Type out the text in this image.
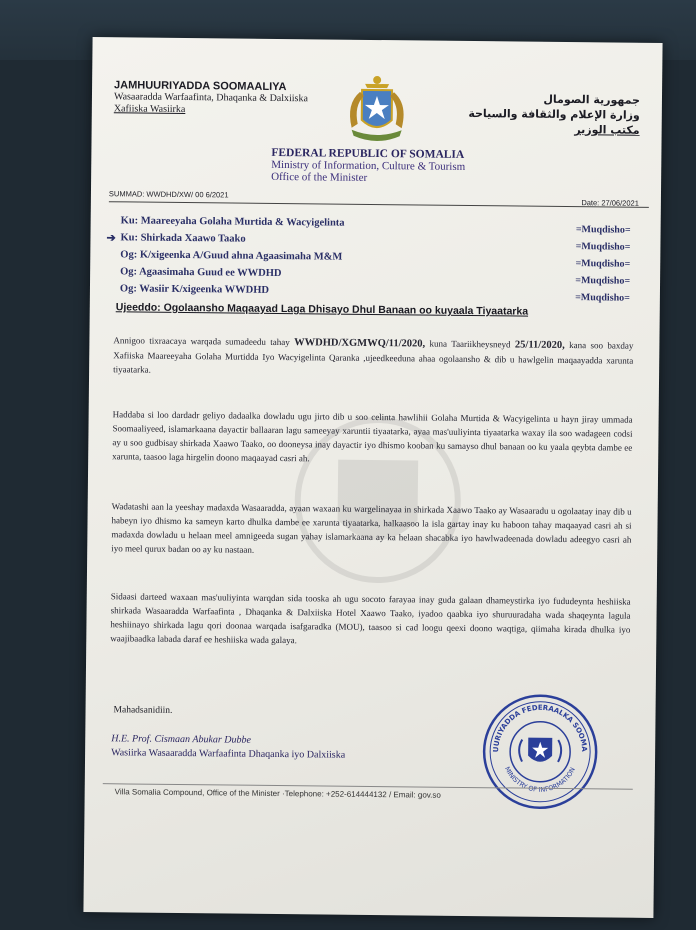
JAMHUURIYADDA SOOMAALIYA
Wasaaradda Warfaafinta, Dhaqanka & Dalxiiska
Xafiiska Wasiirka
جمهورية الصومال
وزارة الإعلام والثقافة والسياحة
مكتب الوزير
FEDERAL REPUBLIC OF SOMALIA
Ministry of Information, Culture & Tourism
Office of the Minister
SUMMAD: WWDHD/XW/ 00 6/2021
Date: 27/06/2021
Ku: Maareeyaha Golaha Murtida & Wacyigelinta
=Muqdisho=
➔ Ku: Shirkada Xaawo Taako
=Muqdisho=
Og: K/xigeenka A/Guud ahna Agaasimaha M&M
=Muqdisho=
Og: Agaasimaha Guud ee WWDHD
=Muqdisho=
Og: Wasiir K/xigeenka WWDHD
=Muqdisho=
Ujeeddo: Ogolaansho Maqaayad Laga Dhisayo Dhul Banaan oo kuyaala Tiyaatarka
Annigoo tixraacaya warqada sumadeedu tahay WWDHD/XGMWQ/11/2020, kuna Taariikheysneyd 25/11/2020, kana soo baxday Xafiiska Maareeyaha Golaha Murtidda Iyo Wacyigelinta Qaranka ,ujeedkeeduna ahaa ogolaansho & dib u hawlgelin maqaayadda xarunta tiyaatarka.
Haddaba si loo dardadr geliyo dadaalka dowladu ugu jirto dib u soo celinta hawlihii Golaha Murtida & Wacyigelinta u hayn jiray ummada Soomaaliyeed, islamarkaana dayactir ballaaran lagu sameeyay xaruntii tiyaatarka, ayaa mas'uuliyinta tiyaatarka waxay ila soo wadageen codsi ay u soo gudbisay shirkada Xaawo Taako, oo dooneysa inay dayactir iyo dhismo kooban ku samayso dhul banaan oo ku yaala qeybta dambe ee xarunta, taasoo laga hirgelin doono maqaayad casri ah.
Wadatashi aan la yeeshay madaxda Wasaaradda, ayaan waxaan ku wargelinayaa in shirkada Xaawo Taako ay Wasaaradu u ogolaatay inay dib u habeyn iyo dhismo ka sameyn karto dhulka dambe ee xarunta tiyaatarka, halkaasoo la isla gartay inay ku haboon tahay maqaayad casri ah si madaxda dowladu u helaan meel amnigeeda sugan yahay islamarkaana ay ka helaan shacabka iyo hawlwadeenada dowladu adeegyo casri ah iyo meel qurux badan oo ay ku nastaan.
Sidaasi darteed waxaan mas'uuliyinta warqdan sida tooska ah ugu socoto farayaa inay guda galaan dhameystirka iyo fududeynta heshiiska shirkada Wasaaradda Warfaafinta , Dhaqanka & Dalxiiska Hotel Xaawo Taako, iyadoo qaabka iyo shuruuradaha wada shaqeynta lagula heshiinayo shirkada lagu qori doonaa warqada isafgaradka (MOU), taasoo si cad loogu qeexi doono waqtiga, qiimaha kirada dhulka iyo waajibaadka labada daraf ee heshiiska wada galaya.
Mahadsanidiin.
H.E. Prof. Cismaan Abukar Dubbe
Wasiirka Wasaaradda Warfaafinta Dhaqanka iyo Dalxiiska
JAMHUURIYADDA FEDERAALKA SOOMAALIYA
MINISTRY OF INFORMATION
Villa Somalia Compound, Office of the Minister ·Telephone: +252-614444132 / Email: gov.so
